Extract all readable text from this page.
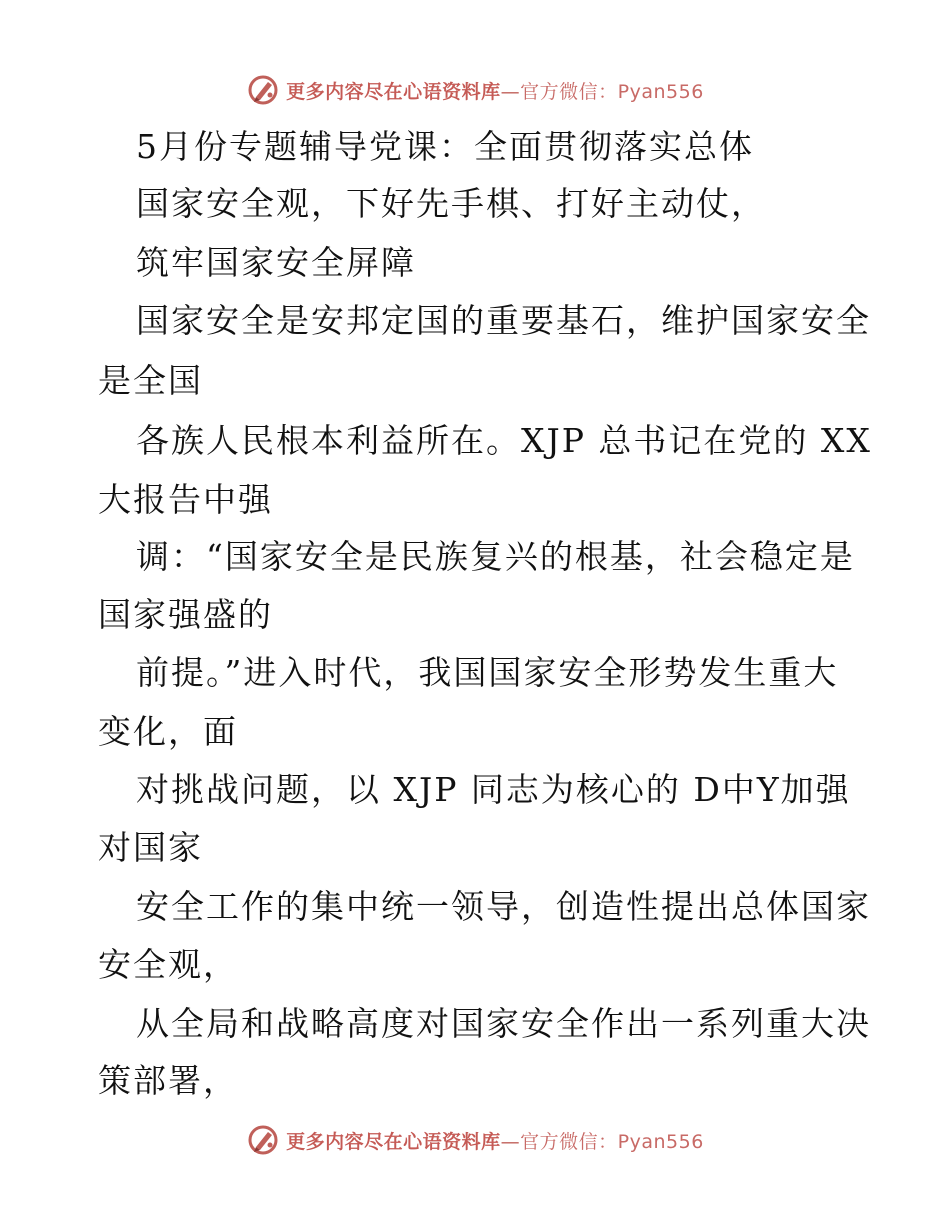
更多内容尽在心语资料库—官方微信：Pyan556
5月份专题辅导党课：全面贯彻落实总体
国家安全观，下好先手棋、打好主动仗，
筑牢国家安全屏障
国家安全是安邦定国的重要基石，维护国家安全
是全国
各族人民根本利益所在。XJP 总书记在党的 XX
大报告中强
调：“国家安全是民族复兴的根基，社会稳定是
国家强盛的
前提。”进入时代，我国国家安全形势发生重大
变化，面
对挑战问题，以 XJP 同志为核心的 D中Y加强
对国家
安全工作的集中统一领导，创造性提出总体国家
安全观，
从全局和战略高度对国家安全作出一系列重大决
策部署，
更多内容尽在心语资料库—官方微信：Pyan556
